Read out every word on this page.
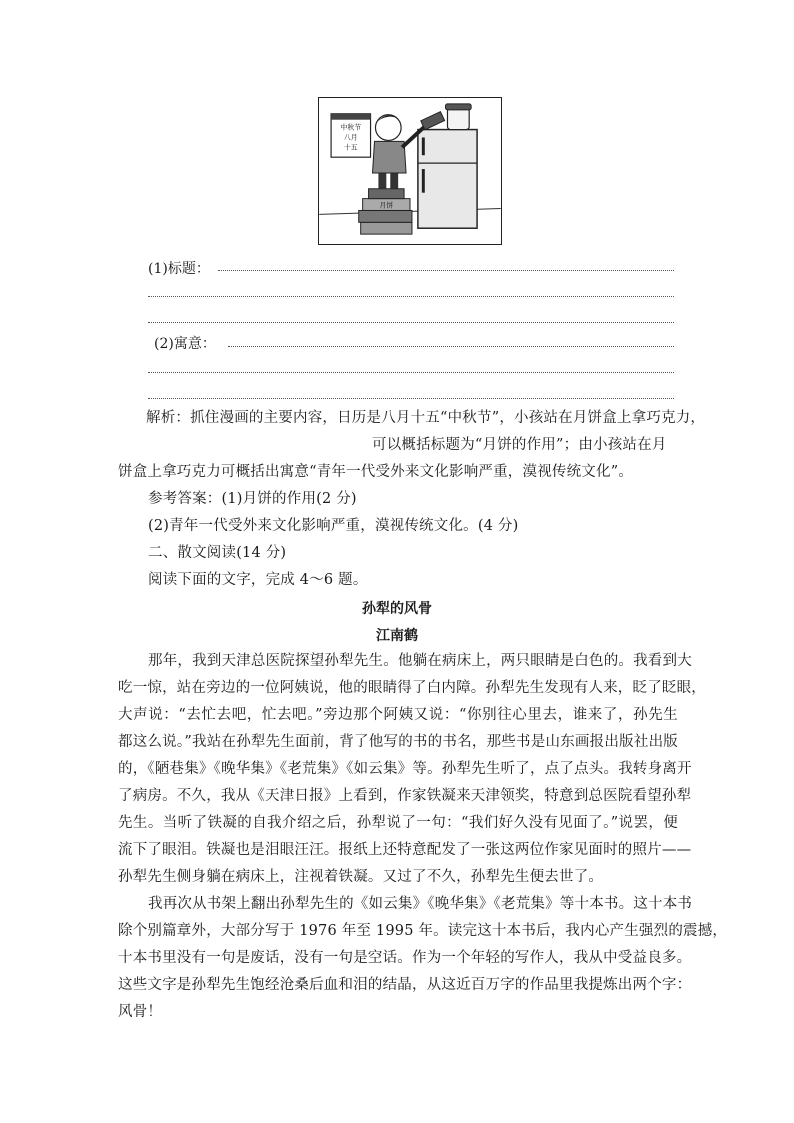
中秋节
八月
十五
月饼
(1)标题：
(2)寓意：
解析：抓住漫画的主要内容，日历是八月十五“中秋节”，小孩站在月饼盒上拿巧克力，
可以概括标题为“月饼的作用”；由小孩站在月
饼盒上拿巧克力可概括出寓意“青年一代受外来文化影响严重，漠视传统文化”。
参考答案：(1)月饼的作用(2 分)
(2)青年一代受外来文化影响严重，漠视传统文化。(4 分)
二、散文阅读(14 分)
阅读下面的文字，完成 4～6 题。
孙犁的风骨
江南鹤
那年，我到天津总医院探望孙犁先生。他躺在病床上，两只眼睛是白色的。我看到大
吃一惊，站在旁边的一位阿姨说，他的眼睛得了白内障。孙犁先生发现有人来，眨了眨眼，
大声说：“去忙去吧，忙去吧。”旁边那个阿姨又说：“你别往心里去，谁来了，孙先生
都这么说。”我站在孙犁先生面前，背了他写的书的书名，那些书是山东画报出版社出版
的，《陋巷集》《晚华集》《老荒集》《如云集》等。孙犁先生听了，点了点头。我转身离开
了病房。不久，我从《天津日报》上看到，作家铁凝来天津领奖，特意到总医院看望孙犁
先生。当听了铁凝的自我介绍之后，孙犁说了一句：“我们好久没有见面了。”说罢，便
流下了眼泪。铁凝也是泪眼汪汪。报纸上还特意配发了一张这两位作家见面时的照片——
孙犁先生侧身躺在病床上，注视着铁凝。又过了不久，孙犁先生便去世了。
我再次从书架上翻出孙犁先生的《如云集》《晚华集》《老荒集》等十本书。这十本书
除个别篇章外，大部分写于 1976 年至 1995 年。读完这十本书后，我内心产生强烈的震撼，
十本书里没有一句是废话，没有一句是空话。作为一个年轻的写作人，我从中受益良多。
这些文字是孙犁先生饱经沧桑后血和泪的结晶，从这近百万字的作品里我提炼出两个字：
风骨！
